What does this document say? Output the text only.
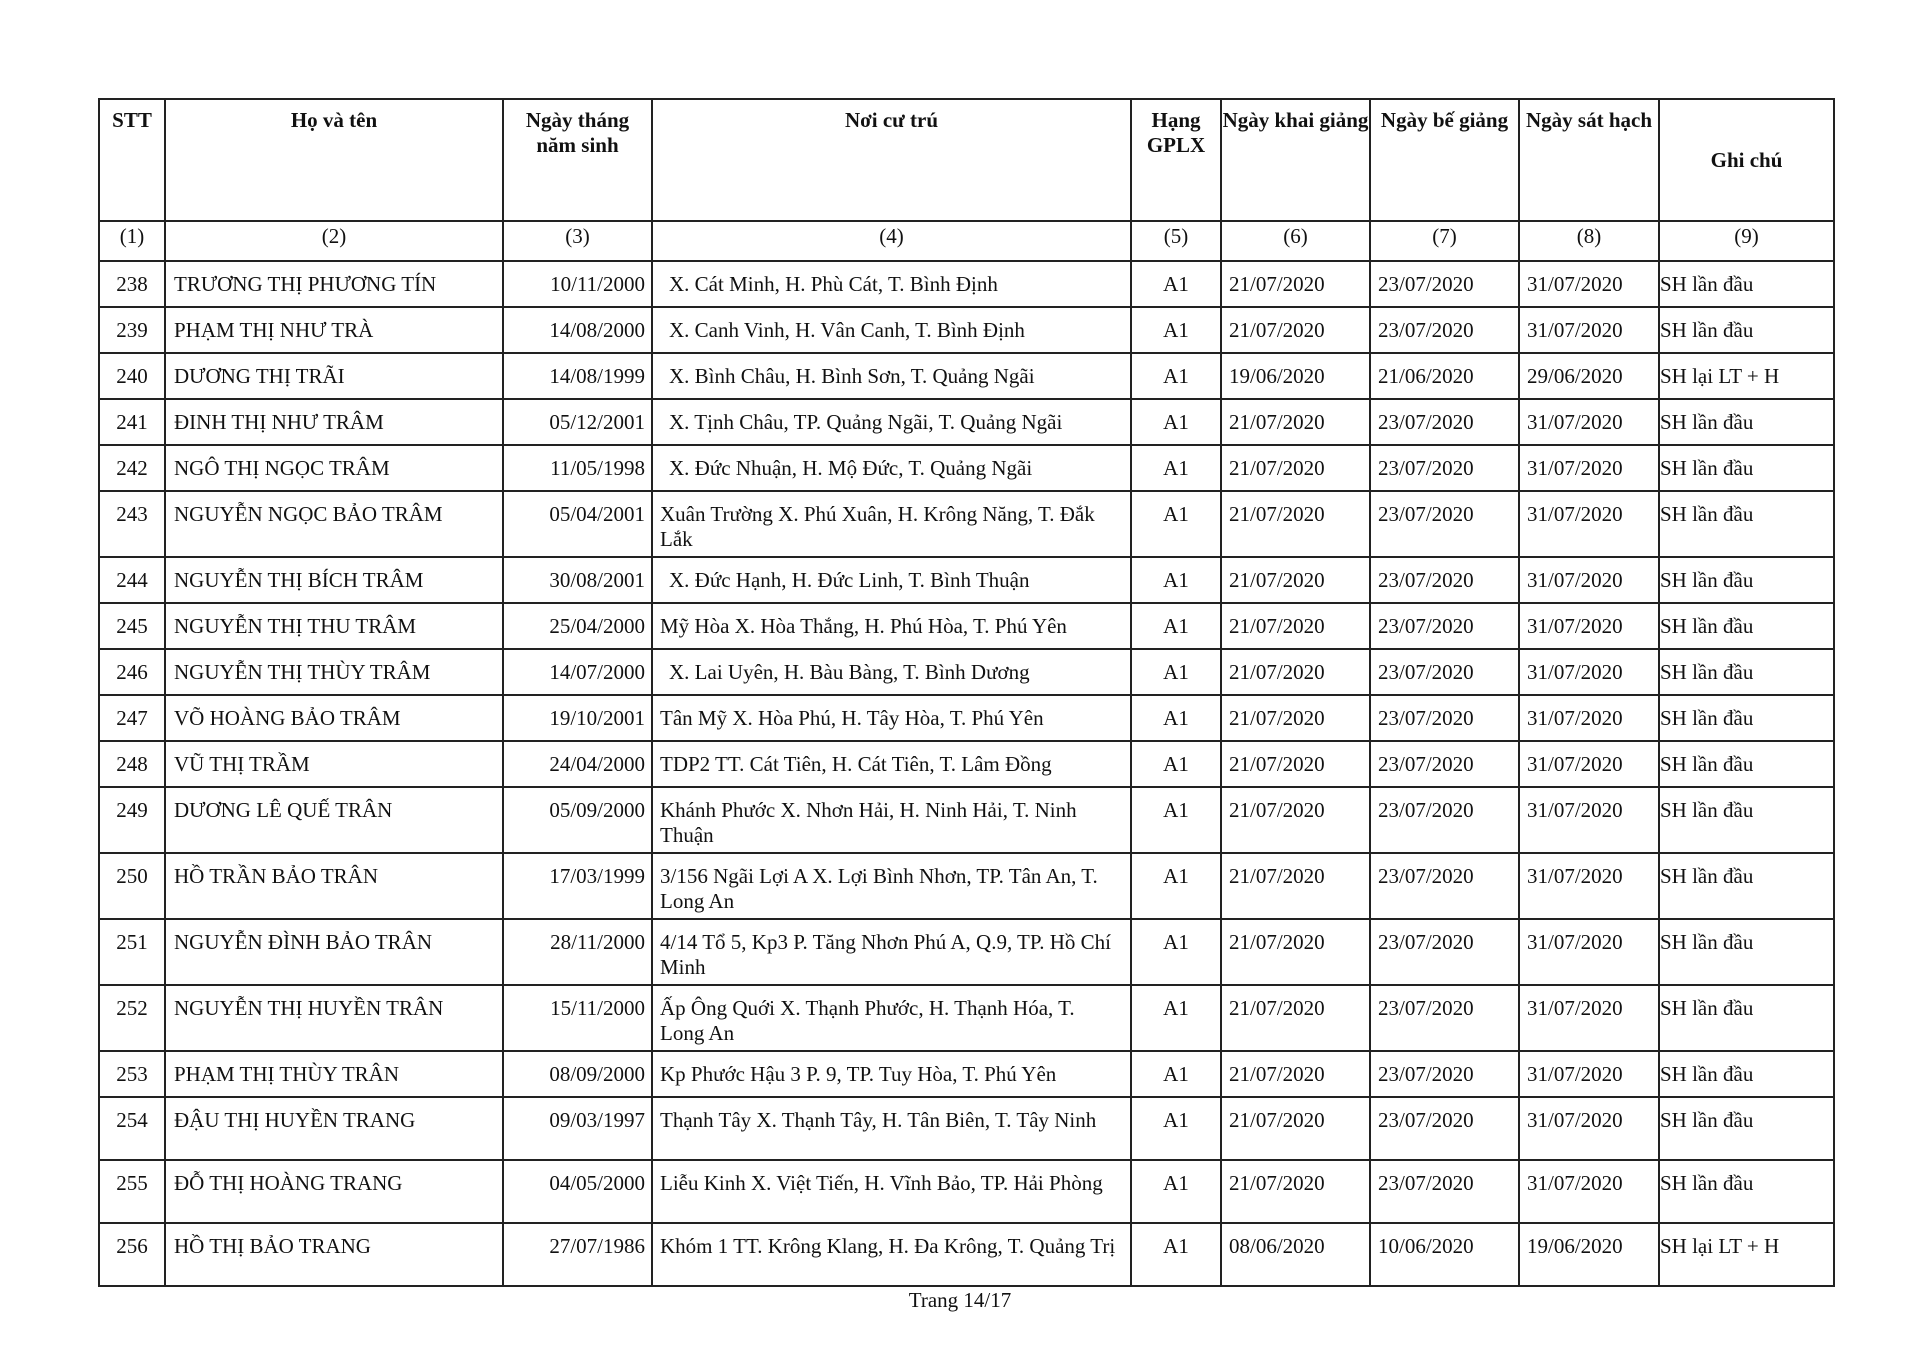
STT	Họ và tên	Ngày tháng năm sinh	Nơi cư trú	Hạng GPLX	Ngày khai giảng	Ngày bế giảng	Ngày sát hạch	Ghi chú
(1)	(2)	(3)	(4)	(5)	(6)	(7)	(8)	(9)
238	TRƯƠNG THỊ PHƯƠNG TÍN	10/11/2000	X. Cát Minh, H. Phù Cát, T. Bình Định	A1	21/07/2020	23/07/2020	31/07/2020	SH lần đầu
239	PHẠM THỊ NHƯ TRÀ	14/08/2000	X. Canh Vinh, H. Vân Canh, T. Bình Định	A1	21/07/2020	23/07/2020	31/07/2020	SH lần đầu
240	DƯƠNG THỊ TRÃI	14/08/1999	X. Bình Châu, H. Bình Sơn, T. Quảng Ngãi	A1	19/06/2020	21/06/2020	29/06/2020	SH lại LT + H
241	ĐINH THỊ NHƯ TRÂM	05/12/2001	X. Tịnh Châu, TP. Quảng Ngãi, T. Quảng Ngãi	A1	21/07/2020	23/07/2020	31/07/2020	SH lần đầu
242	NGÔ THỊ NGỌC TRÂM	11/05/1998	X. Đức Nhuận, H. Mộ Đức, T. Quảng Ngãi	A1	21/07/2020	23/07/2020	31/07/2020	SH lần đầu
243	NGUYỄN NGỌC BẢO TRÂM	05/04/2001	Xuân Trường X. Phú Xuân, H. Krông Năng, T. Đắk Lắk	A1	21/07/2020	23/07/2020	31/07/2020	SH lần đầu
244	NGUYỄN THỊ BÍCH TRÂM	30/08/2001	X. Đức Hạnh, H. Đức Linh, T. Bình Thuận	A1	21/07/2020	23/07/2020	31/07/2020	SH lần đầu
245	NGUYỄN THỊ THU TRÂM	25/04/2000	Mỹ Hòa X. Hòa Thắng, H. Phú Hòa, T. Phú Yên	A1	21/07/2020	23/07/2020	31/07/2020	SH lần đầu
246	NGUYỄN THỊ THÙY TRÂM	14/07/2000	X. Lai Uyên, H. Bàu Bàng, T. Bình Dương	A1	21/07/2020	23/07/2020	31/07/2020	SH lần đầu
247	VÕ HOÀNG BẢO TRÂM	19/10/2001	Tân Mỹ X. Hòa Phú, H. Tây Hòa, T. Phú Yên	A1	21/07/2020	23/07/2020	31/07/2020	SH lần đầu
248	VŨ THỊ TRẦM	24/04/2000	TDP2 TT. Cát Tiên, H. Cát Tiên, T. Lâm Đồng	A1	21/07/2020	23/07/2020	31/07/2020	SH lần đầu
249	DƯƠNG LÊ QUẾ TRÂN	05/09/2000	Khánh Phước X. Nhơn Hải, H. Ninh Hải, T. Ninh Thuận	A1	21/07/2020	23/07/2020	31/07/2020	SH lần đầu
250	HỒ TRẦN BẢO TRÂN	17/03/1999	3/156 Ngãi Lợi A X. Lợi Bình Nhơn, TP. Tân An, T. Long An	A1	21/07/2020	23/07/2020	31/07/2020	SH lần đầu
251	NGUYỄN ĐÌNH BẢO TRÂN	28/11/2000	4/14 Tổ 5, Kp3 P. Tăng Nhơn Phú A, Q.9, TP. Hồ Chí Minh	A1	21/07/2020	23/07/2020	31/07/2020	SH lần đầu
252	NGUYỄN THỊ HUYỀN TRÂN	15/11/2000	Ấp Ông Quới X. Thạnh Phước, H. Thạnh Hóa, T. Long An	A1	21/07/2020	23/07/2020	31/07/2020	SH lần đầu
253	PHẠM THỊ THÙY TRÂN	08/09/2000	Kp Phước Hậu 3 P. 9, TP. Tuy Hòa, T. Phú Yên	A1	21/07/2020	23/07/2020	31/07/2020	SH lần đầu
254	ĐẬU THỊ HUYỀN TRANG	09/03/1997	Thạnh Tây X. Thạnh Tây, H. Tân Biên, T. Tây Ninh	A1	21/07/2020	23/07/2020	31/07/2020	SH lần đầu
255	ĐỖ THỊ HOÀNG TRANG	04/05/2000	Liễu Kinh X. Việt Tiến, H. Vĩnh Bảo, TP. Hải Phòng	A1	21/07/2020	23/07/2020	31/07/2020	SH lần đầu
256	HỒ THỊ BẢO TRANG	27/07/1986	Khóm 1 TT. Krông Klang, H. Đa Krông, T. Quảng Trị	A1	08/06/2020	10/06/2020	19/06/2020	SH lại LT + H
Trang 14/17
